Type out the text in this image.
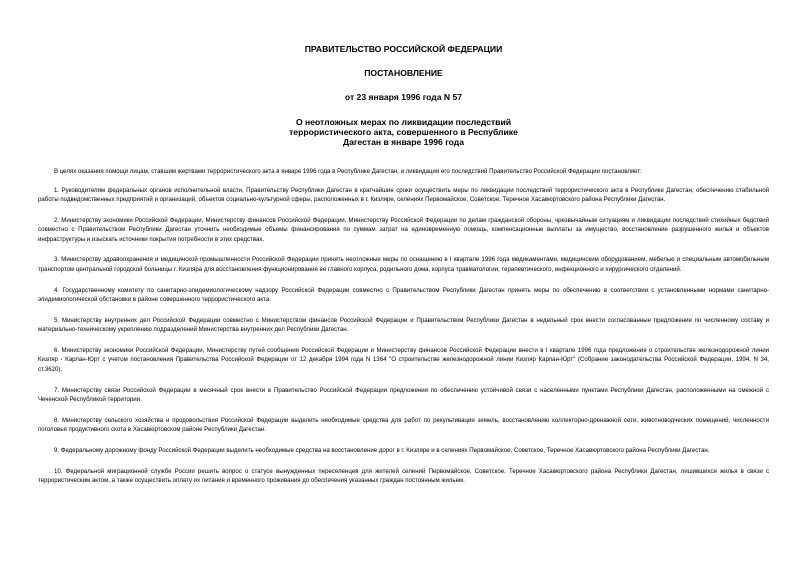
ПРАВИТЕЛЬСТВО РОССИЙСКОЙ ФЕДЕРАЦИИ
ПОСТАНОВЛЕНИЕ
от 23 января 1996 года N 57
О неотложных мерах по ликвидации последствий
террористического акта, совершенного в Республике
Дагестан в январе 1996 года

В целях оказания помощи лицам, ставшим жертвами террористического акта в январе 1996 года в Республике Дагестан, и ликвидации его последствий Правительство Российской Федерации постановляет:

1. Руководителям федеральных органов исполнительной власти, Правительству Республики Дагестан в кратчайшие сроки осуществить меры по ликвидации последствий террористического акта в Республике Дагестан, обеспечению стабильной работы подведомственных предприятий и организаций, объектов социально-культурной сферы, расположенных в г. Кизляре, селениях Первомайское, Советское, Теречное Хасавюртовского района Республики Дагестан.

2. Министерству экономики Российской Федерации, Министерству финансов Российской Федерации, Министерству Российской Федерации по делам гражданской обороны, чрезвычайным ситуациям и ликвидации последствий стихийных бедствий совместно с Правительством Республики Дагестан уточнить необходимые объемы финансирования по суммам затрат на единовременную помощь, компенсационные выплаты за имущество, восстановление разрушенного жилья и объектов инфраструктуры и изыскать источники покрытия потребности в этих средствах.

3. Министерству здравоохранения и медицинской промышленности Российской Федерации принять неотложные меры по оснащению в I квартале 1996 года медикаментами, медицинским оборудованием, мебелью и специальным автомобильным транспортом центральной городской больницы г. Кизляра для восстановления функционирования ее главного корпуса, родильного дома, корпуса травматологии, терапевтического, инфекционного и хирургического отделений.

4. Государственному комитету по санитарно-эпидемиологическому надзору Российской Федерации совместно с Правительством Республики Дагестан принять меры по обеспечению в соответствии с установленными нормами санитарно-эпидемиологической обстановки в районе совершенного террористического акта.

5. Министерству внутренних дел Российской Федерации совместно с Министерством финансов Российской Федерации и Правительством Республики Дагестан в недельный срок внести согласованные предложения по численному составу и материально-техническому укреплению подразделений Министерства внутренних дел Республики Дагестан.

6. Министерству экономики Российской Федерации, Министерству путей сообщения Российской Федерации и Министерству финансов Российской Федерации внести в I квартале 1996 года предложения о строительстве железнодорожной линии Кизляр - Карлан-Юрт с учетом постановления Правительства Российской Федерации от 12 декабря 1994 года N 1364 "О строительстве железнодорожной линии Кизляр Карлан-Юрт" (Собрание законодательства Российской Федерации, 1994, N 34, ст.3620).

7. Министерству связи Российской Федерации в месячный срок внести в Правительство Российской Федерации предложения по обеспечению устойчивой связи с населенными пунктами Республики Дагестан, расположенными на смежной с Чеченской Республикой территории.

8. Министерству сельского хозяйства и продовольствия Российской Федерации выделить необходимые средства для работ по рекультивации земель, восстановлению коллекторно-дренажной сети, животноводческих помещений, численности поголовья продуктивного скота в Хасавюртовском районе Республики Дагестан.

9. Федеральному дорожному фонду Российской Федерации выделить необходимые средства на восстановление дорог в г. Кизляре и в селениях Первомайское, Советское, Теречное Хасавюртовского района Республики Дагестан.

10. Федеральной миграционной службе России решить вопрос о статусе вынужденных переселенцев для жителей селений Первомайское, Советское, Теречное Хасавюртовского района Республики Дагестан, лишившихся жилья в связи с террористическим актом, а также осуществить оплату их питания и временного проживания до обеспечения указанных граждан постоянным жильем.
